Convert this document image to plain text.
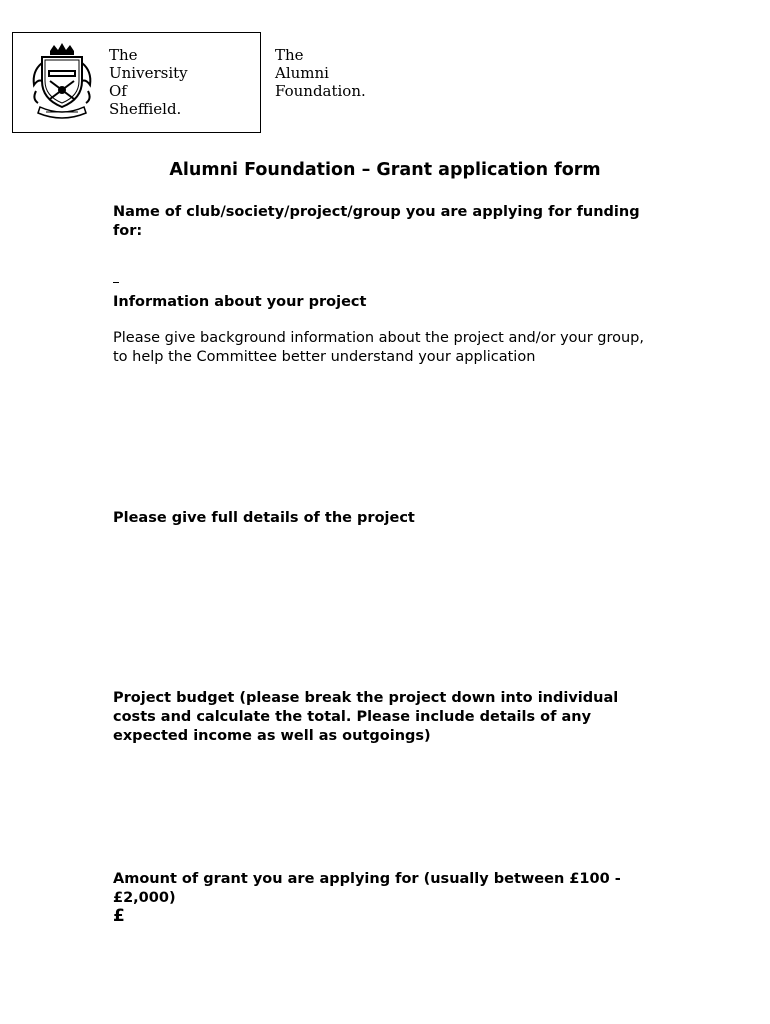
The
University
Of
Sheffield.
The
Alumni
Foundation.
Alumni Foundation – Grant application form
Name of club/society/project/group you are applying for funding for:
Information about your project
Please give background information about the project and/or your group, to help the Committee better understand your application
Please give full details of the project
Project budget (please break the project down into individual costs and calculate the total. Please include details of any expected income as well as outgoings)
Amount of grant you are applying for (usually between £100 - £2,000)
£
